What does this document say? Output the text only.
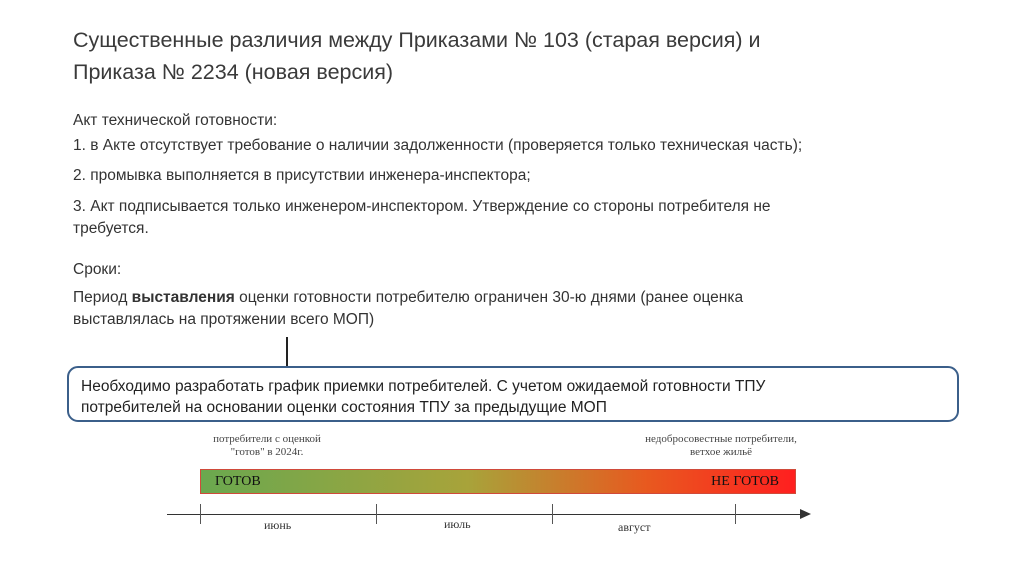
Существенные различия между Приказами № 103 (старая версия) и
Приказа № 2234 (новая версия)
Акт технической готовности:
1. в Акте отсутствует требование о наличии задолженности (проверяется только техническая часть);
2. промывка выполняется в присутствии инженера-инспектора;
3. Акт подписывается только инженером-инспектором. Утверждение со стороны потребителя не
требуется.
Сроки:
Период выставления оценки готовности потребителю ограничен 30-ю днями (ранее оценка
выставлялась на протяжении всего МОП)
Необходимо разработать график приемки потребителей. С учетом ожидаемой готовности ТПУ
потребителей на основании оценки состояния ТПУ за предыдущие МОП
потребители с оценкой
"готов" в 2024г.
недобросовестные потребители,
ветхое жильё
ГОТОВ	НЕ ГОТОВ
июнь	июль	август
